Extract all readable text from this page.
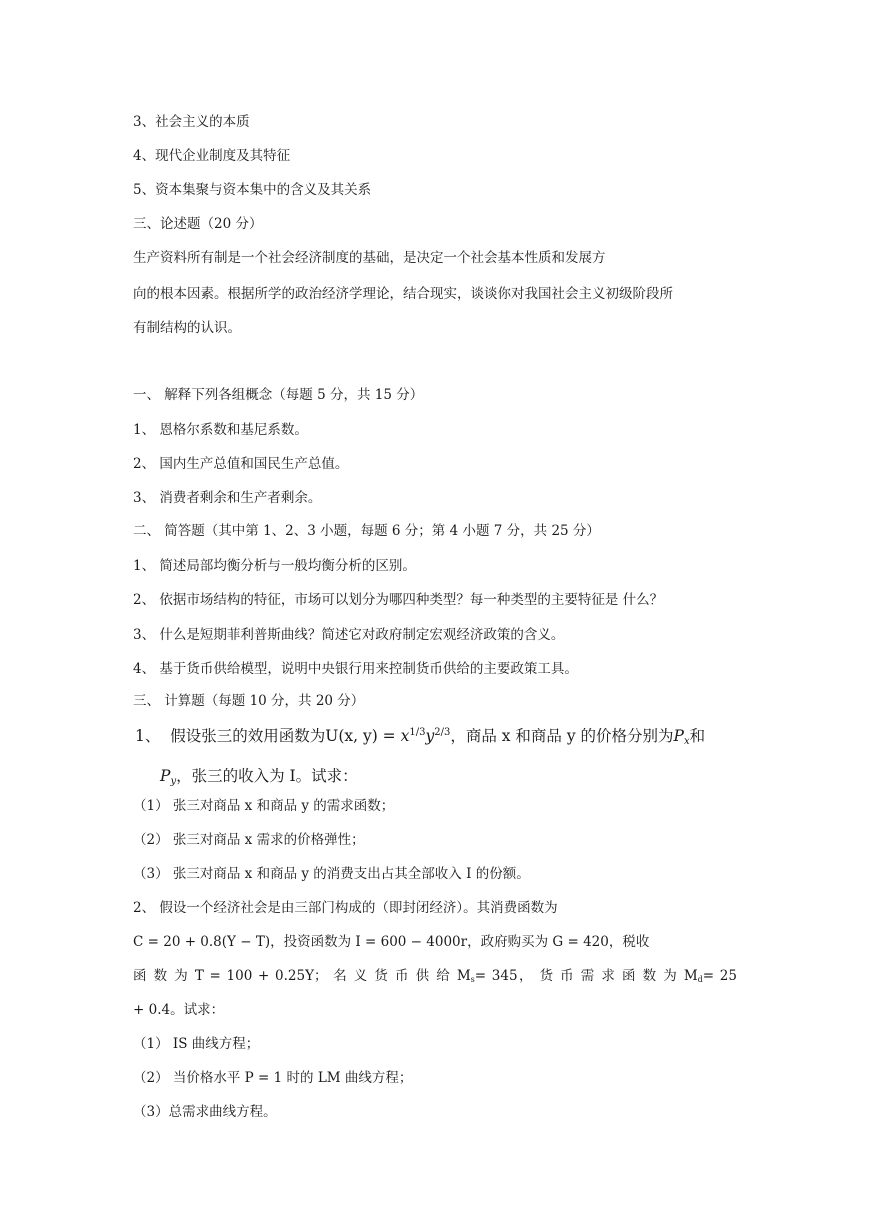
3、社会主义的本质
4、现代企业制度及其特征
5、资本集聚与资本集中的含义及其关系
三、论述题（20 分）
生产资料所有制是一个社会经济制度的基础，是决定一个社会基本性质和发展方
向的根本因素。根据所学的政治经济学理论，结合现实，谈谈你对我国社会主义初级阶段所
有制结构的认识。
一、 解释下列各组概念（每题 5 分，共 15 分）
1、 恩格尔系数和基尼系数。
2、 国内生产总值和国民生产总值。
3、 消费者剩余和生产者剩余。
二、 简答题（其中第 1、2、3 小题，每题 6 分；第 4 小题 7 分，共 25 分）
1、 简述局部均衡分析与一般均衡分析的区别。
2、 依据市场结构的特征，市场可以划分为哪四种类型？每一种类型的主要特征是 什么？
3、 什么是短期菲利普斯曲线？简述它对政府制定宏观经济政策的含义。
4、 基于货币供给模型，说明中央银行用来控制货币供给的主要政策工具。
三、 计算题（每题 10 分，共 20 分）
1、 假设张三的效用函数为U(x, $y) = x^{1/3}y^{2/3}$，商品 x 和商品 y 的价格分别为$P_x$和
$P_y$，张三的收入为 I。试求：
（1） 张三对商品 x 和商品 y 的需求函数；
（2） 张三对商品 x 需求的价格弹性；
（3） 张三对商品 x 和商品 y 的消费支出占其全部收入 I 的份额。
2、 假设一个经济社会是由三部门构成的（即封闭经济）。其消费函数为
C = 20 + 0.8(Y − T)，投资函数为 I = 600 − 4000r，政府购买为 G = 420，税收
函 数 为 T = 100 + 0.25Y； 名 义 货 币 供 给 $M_s= 345$， 货 币 需 求 函 数 为 $M_d= 25$
+ 0.4。试求：
（1） IS 曲线方程；
（2） 当价格水平 P = 1 时的 LM 曲线方程；
（3）总需求曲线方程。
